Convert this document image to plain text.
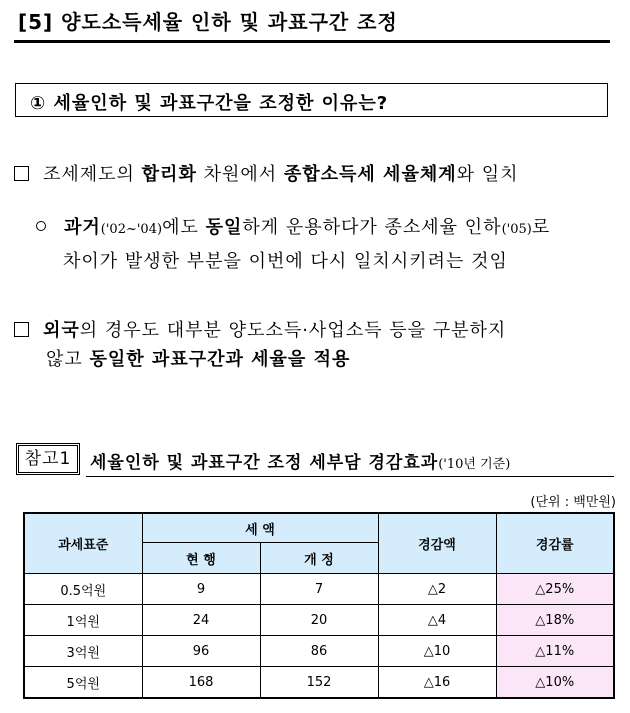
[5] 양도소득세율 인하 및 과표구간 조정
① 세율인하 및 과표구간을 조정한 이유는?
조세제도의 합리화 차원에서 종합소득세 세율체계와 일치
과거('02~'04)에도 동일하게 운용하다가 종소세율 인하('05)로
차이가 발생한 부분을 이번에 다시 일치시키려는 것임
외국의 경우도 대부분 양도소득·사업소득 등을 구분하지
않고 동일한 과표구간과 세율을 적용
참고1	세율인하 및 과표구간 조정 세부담 경감효과('10년 기준)
(단위 : 백만원)
과세표준	세 액		경감액	경감률
	현 행	개 정		
0.5억원	9	7	△2	△25%
1억원	24	20	△4	△18%
3억원	96	86	△10	△11%
5억원	168	152	△16	△10%
